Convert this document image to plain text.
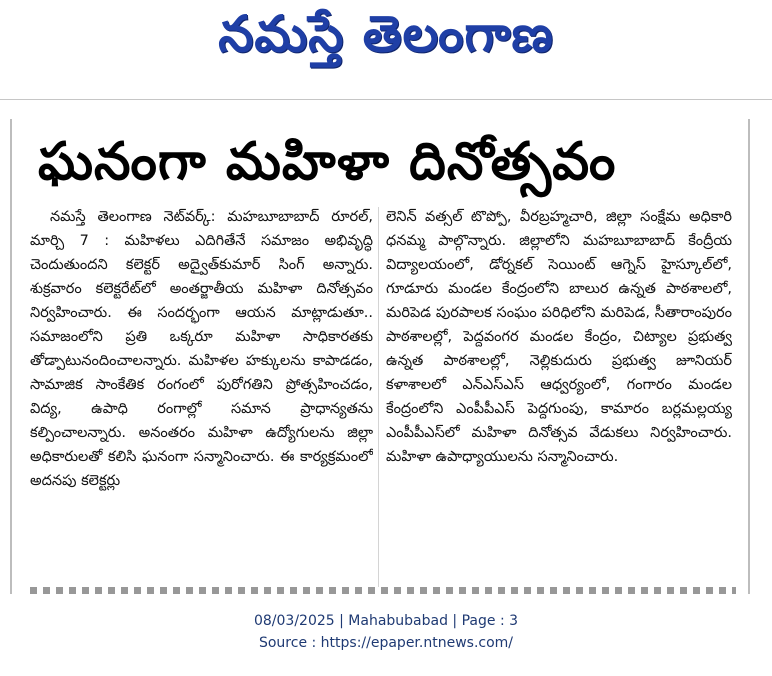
నమస్తే తెలంగాణ
ఘనంగా మహిళా దినోత్సవం
నమస్తే తెలంగాణ నెట్‌వర్క్‌: మహబూబాబాద్‌ రూరల్‌, మార్చి 7 : మహిళలు ఎదిగితేనే సమాజం అభివృద్ధి చెందుతుందని కలెక్టర్‌ అద్వైత్‌కుమార్‌ సింగ్‌ అన్నారు. శుక్రవారం కలెక్టరేట్‌లో అంతర్జాతీయ మహిళా దినోత్సవం నిర్వహించారు. ఈ సందర్భంగా ఆయన మాట్లాడుతూ.. సమాజంలోని ప్రతి ఒక్కరూ మహిళా సాధికారతకు తోడ్పాటునందించాలన్నారు. మహిళల హక్కులను కాపాడడం, సామాజిక సాంకేతిక రంగంలో పురోగతిని ప్రోత్సహించడం, విద్య, ఉపాధి రంగాల్లో సమాన ప్రాధాన్యతను కల్పించాలన్నారు. అనంతరం మహిళా ఉద్యోగులను జిల్లా అధికారులతో కలిసి ఘనంగా సన్మానించారు. ఈ కార్యక్రమంలో అదనపు కలెక్టర్లు
లెనిన్‌ వత్సల్‌ టొప్పో, వీరబ్రహ్మచారి, జిల్లా సంక్షేమ అధికారి ధనమ్మ పాల్గొన్నారు. జిల్లాలోని మహబూబాబాద్‌ కేంద్రీయ విద్యాలయంలో, డోర్నకల్‌ సెయింట్‌ ఆగ్నెస్‌ హైస్కూల్‌లో, గూడూరు మండల కేంద్రంలోని బాలుర ఉన్నత పాఠశాలలో, మరిపెడ పురపాలక సంఘం పరిధిలోని మరిపెడ, సీతారాంపురం పాఠశాలల్లో, పెద్దవంగర మండల కేంద్రం, చిట్యాల ప్రభుత్వ ఉన్నత పాఠశాలల్లో, నెల్లికుదురు ప్రభుత్వ జూనియర్‌ కళాశాలలో ఎన్‌ఎస్‌ఎస్‌ ఆధ్వర్యంలో, గంగారం మండల కేంద్రంలోని ఎంపీపీఎస్‌ పెద్దగుంపు, కామారం బర్లమల్లయ్య ఎంపీపీఎస్‌లో మహిళా దినోత్సవ వేడుకలు నిర్వహించారు. మహిళా ఉపాధ్యాయులను సన్మానించారు.
08/03/2025 | Mahabubabad | Page : 3
Source : https://epaper.ntnews.com/
